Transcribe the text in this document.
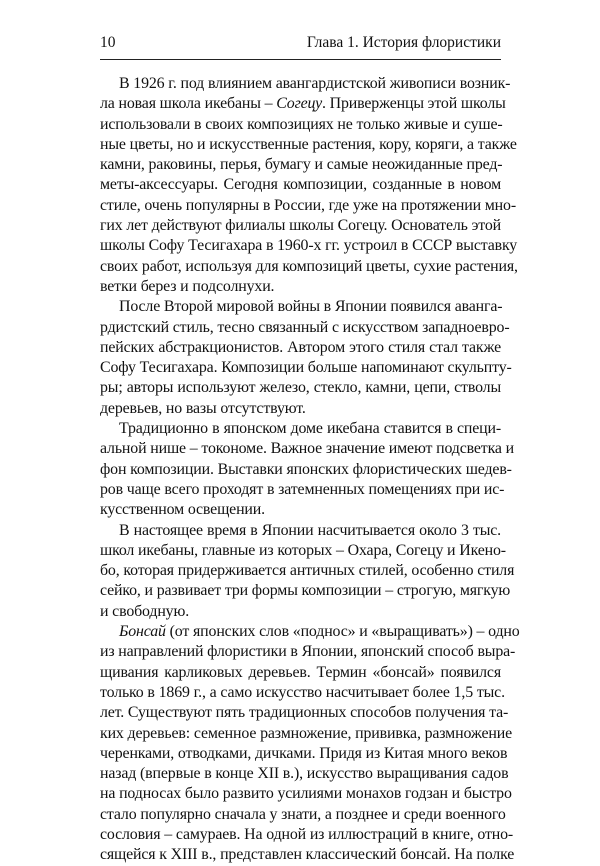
10	Глава 1. История флористики
В 1926 г. под влиянием авангардистской живописи возник-
ла новая школа икебаны – Согецу. Приверженцы этой школы
использовали в своих композициях не только живые и суше-
ные цветы, но и искусственные растения, кору, коряги, а также
камни, раковины, перья, бумагу и самые неожиданные пред-
меты-аксессуары. Сегодня композиции, созданные в новом
стиле, очень популярны в России, где уже на протяжении мно-
гих лет действуют филиалы школы Согецу. Основатель этой
школы Софу Тесигахара в 1960-х гг. устроил в СССР выставку
своих работ, используя для композиций цветы, сухие растения,
ветки берез и подсолнухи.
После Второй мировой войны в Японии появился аванга-
рдистский стиль, тесно связанный с искусством западноевро-
пейских абстракционистов. Автором этого стиля стал также
Софу Тесигахара. Композиции больше напоминают скульпту-
ры; авторы используют железо, стекло, камни, цепи, стволы
деревьев, но вазы отсутствуют.
Традиционно в японском доме икебана ставится в специ-
альной нише – токономе. Важное значение имеют подсветка и
фон композиции. Выставки японских флористических шедев-
ров чаще всего проходят в затемненных помещениях при ис-
кусственном освещении.
В настоящее время в Японии насчитывается около 3 тыс.
школ икебаны, главные из которых – Охара, Согецу и Икено-
бо, которая придерживается античных стилей, особенно стиля
сейко, и развивает три формы композиции – строгую, мягкую
и свободную.
Бонсай (от японских слов «поднос» и «выращивать») – одно
из направлений флористики в Японии, японский способ выра-
щивания карликовых деревьев. Термин «бонсай» появился
только в 1869 г., а само искусство насчитывает более 1,5 тыс.
лет. Существуют пять традиционных способов получения та-
ких деревьев: семенное размножение, прививка, размножение
черенками, отводками, дичками. Придя из Китая много веков
назад (впервые в конце XII в.), искусство выращивания садов
на подносах было развито усилиями монахов годзан и быстро
стало популярно сначала у знати, а позднее и среди военного
сословия – самураев. На одной из иллюстраций в книге, отно-
сящейся к XIII в., представлен классический бонсай. На полке
